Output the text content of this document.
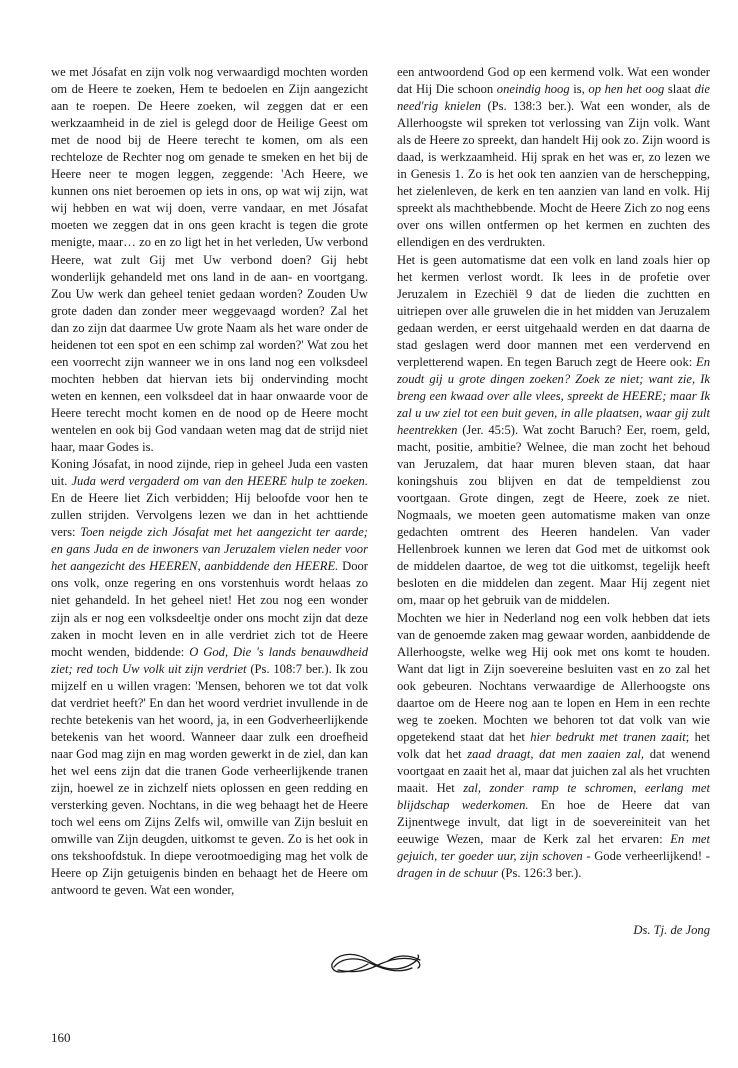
we met Jósafat en zijn volk nog verwaardigd mochten worden om de Heere te zoeken, Hem te bedoelen en Zijn aangezicht aan te roepen. De Heere zoeken, wil zeggen dat er een werkzaamheid in de ziel is gelegd door de Heilige Geest om met de nood bij de Heere terecht te komen, om als een rechteloze de Rechter nog om genade te smeken en het bij de Heere neer te mogen leggen, zeggende: 'Ach Heere, we kunnen ons niet beroemen op iets in ons, op wat wij zijn, wat wij hebben en wat wij doen, verre vandaar, en met Jósafat moeten we zeggen dat in ons geen kracht is tegen die grote menigte, maar… zo en zo ligt het in het verleden, Uw verbond Heere, wat zult Gij met Uw verbond doen? Gij hebt wonderlijk gehandeld met ons land in de aan- en voortgang. Zou Uw werk dan geheel teniet gedaan worden? Zouden Uw grote daden dan zonder meer weggevaagd worden? Zal het dan zo zijn dat daarmee Uw grote Naam als het ware onder de heidenen tot een spot en een schimp zal worden?' Wat zou het een voorrecht zijn wanneer we in ons land nog een volksdeel mochten hebben dat hiervan iets bij ondervinding mocht weten en kennen, een volksdeel dat in haar onwaarde voor de Heere terecht mocht komen en de nood op de Heere mocht wentelen en ook bij God vandaan weten mag dat de strijd niet haar, maar Godes is.

Koning Jósafat, in nood zijnde, riep in geheel Juda een vasten uit. Juda werd vergaderd om van den HEERE hulp te zoeken. En de Heere liet Zich verbidden; Hij beloofde voor hen te zullen strijden. Vervolgens lezen we dan in het achttiende vers: Toen neigde zich Jósafat met het aangezicht ter aarde; en gans Juda en de inwoners van Jeruzalem vielen neder voor het aangezicht des HEEREN, aanbiddende den HEERE. Door ons volk, onze regering en ons vorstenhuis wordt helaas zo niet gehandeld. In het geheel niet! Het zou nog een wonder zijn als er nog een volksdeeltje onder ons mocht zijn dat deze zaken in mocht leven en in alle verdriet zich tot de Heere mocht wenden, biddende: O God, Die 's lands benauwdheid ziet; red toch Uw volk uit zijn verdriet (Ps. 108:7 ber.). Ik zou mijzelf en u willen vragen: 'Mensen, behoren we tot dat volk dat verdriet heeft?' En dan het woord verdriet invullende in de rechte betekenis van het woord, ja, in een Godverheerlijkende betekenis van het woord. Wanneer daar zulk een droefheid naar God mag zijn en mag worden gewerkt in de ziel, dan kan het wel eens zijn dat die tranen Gode verheerlijkende tranen zijn, hoewel ze in zichzelf niets oplossen en geen redding en versterking geven. Nochtans, in die weg behaagt het de Heere toch wel eens om Zijns Zelfs wil, omwille van Zijn besluit en omwille van Zijn deugden, uitkomst te geven. Zo is het ook in ons tekshoofdstuk. In diepe verootmoediging mag het volk de Heere op Zijn getuigenis binden en behaagt het de Heere om antwoord te geven. Wat een wonder,

een antwoordend God op een kermend volk. Wat een wonder dat Hij Die schoon oneindig hoog is, op hen het oog slaat die need'rig knielen (Ps. 138:3 ber.). Wat een wonder, als de Allerhoogste wil spreken tot verlossing van Zijn volk. Want als de Heere zo spreekt, dan handelt Hij ook zo. Zijn woord is daad, is werkzaamheid. Hij sprak en het was er, zo lezen we in Genesis 1. Zo is het ook ten aanzien van de herschepping, het zielenleven, de kerk en ten aanzien van land en volk. Hij spreekt als machthebbende. Mocht de Heere Zich zo nog eens over ons willen ontfermen op het kermen en zuchten des ellendigen en des verdrukten.

Het is geen automatisme dat een volk en land zoals hier op het kermen verlost wordt. Ik lees in de profetie over Jeruzalem in Ezechiël 9 dat de lieden die zuchtten en uitriepen over alle gruwelen die in het midden van Jeruzalem gedaan werden, er eerst uitgehaald werden en dat daarna de stad geslagen werd door mannen met een verdervend en verpletterend wapen. En tegen Baruch zegt de Heere ook: En zoudt gij u grote dingen zoeken? Zoek ze niet; want zie, Ik breng een kwaad over alle vlees, spreekt de HEERE; maar Ik zal u uw ziel tot een buit geven, in alle plaatsen, waar gij zult heentrekken (Jer. 45:5). Wat zocht Baruch? Eer, roem, geld, macht, positie, ambitie? Welnee, die man zocht het behoud van Jeruzalem, dat haar muren bleven staan, dat haar koningshuis zou blijven en dat de tempeldienst zou voortgaan. Grote dingen, zegt de Heere, zoek ze niet. Nogmaals, we moeten geen automatisme maken van onze gedachten omtrent des Heeren handelen. Van vader Hellenbroek kunnen we leren dat God met de uitkomst ook de middelen daartoe, de weg tot die uitkomst, tegelijk heeft besloten en die middelen dan zegent. Maar Hij zegent niet om, maar op het gebruik van de middelen.

Mochten we hier in Nederland nog een volk hebben dat iets van de genoemde zaken mag gewaar worden, aanbiddende de Allerhoogste, welke weg Hij ook met ons komt te houden. Want dat ligt in Zijn soevereine besluiten vast en zo zal het ook gebeuren. Nochtans verwaardige de Allerhoogste ons daartoe om de Heere nog aan te lopen en Hem in een rechte weg te zoeken. Mochten we behoren tot dat volk van wie opgetekend staat dat het hier bedrukt met tranen zaait; het volk dat het zaad draagt, dat men zaaien zal, dat wenend voortgaat en zaait het al, maar dat juichen zal als het vruchten maait. Het zal, zonder ramp te schromen, eerlang met blijdschap wederkomen. En hoe de Heere dat van Zijnentwege invult, dat ligt in de soevereiniteit van het eeuwige Wezen, maar de Kerk zal het ervaren: En met gejuich, ter goeder uur, zijn schoven - Gode verheerlijkend! - dragen in de schuur (Ps. 126:3 ber.).

Ds. Tj. de Jong
160
